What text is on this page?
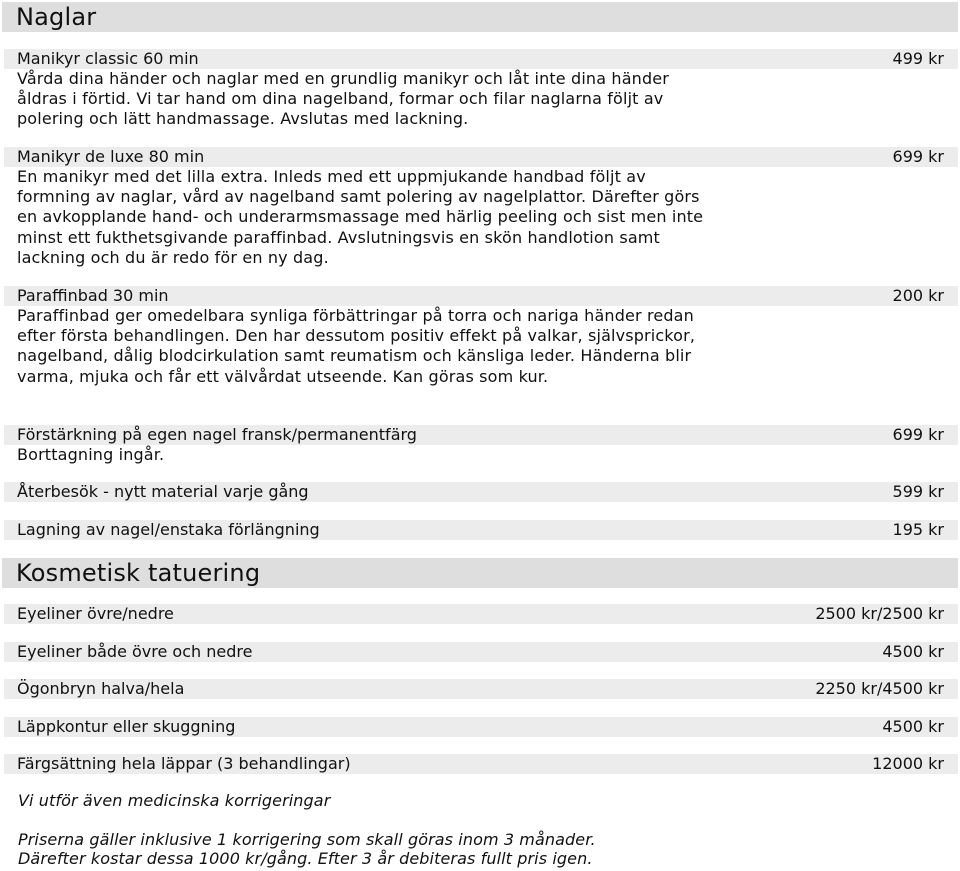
Naglar
Manikyr classic 60 min	499 kr

Vårda dina händer och naglar med en grundlig manikyr och låt inte dina händer åldras i förtid. Vi tar hand om dina nagelband, formar och filar naglarna följt av polering och lätt handmassage. Avslutas med lackning.

Manikyr de luxe 80 min	699 kr

En manikyr med det lilla extra. Inleds med ett uppmjukande handbad följt av formning av naglar, vård av nagelband samt polering av nagelplattor. Därefter görs en avkopplande hand- och underarmsmassage med härlig peeling och sist men inte minst ett fukthetsgivande paraffinbad. Avslutningsvis en skön handlotion samt lackning och du är redo för en ny dag.

Paraffinbad 30 min	200 kr

Paraffinbad ger omedelbara synliga förbättringar på torra och nariga händer redan efter första behandlingen. Den har dessutom positiv effekt på valkar, självsprickor, nagelband, dålig blodcirkulation samt reumatism och känsliga leder. Händerna blir varma, mjuka och får ett välvårdat utseende. Kan göras som kur.

Förstärkning på egen nagel fransk/permanentfärg	699 kr

Borttagning ingår.

Återbesök - nytt material varje gång	599 kr
Lagning av nagel/enstaka förlängning	195 kr
Kosmetisk tatuering
Eyeliner övre/nedre	2500 kr/2500 kr
Eyeliner både övre och nedre	4500 kr
Ögonbryn halva/hela	2250 kr/4500 kr
Läppkontur eller skuggning	4500 kr
Färgsättning hela läppar (3 behandlingar)	12000 kr

Vi utför även medicinska korrigeringar

Priserna gäller inklusive 1 korrigering som skall göras inom 3 månader.

Därefter kostar dessa 1000 kr/gång. Efter 3 år debiteras fullt pris igen.
